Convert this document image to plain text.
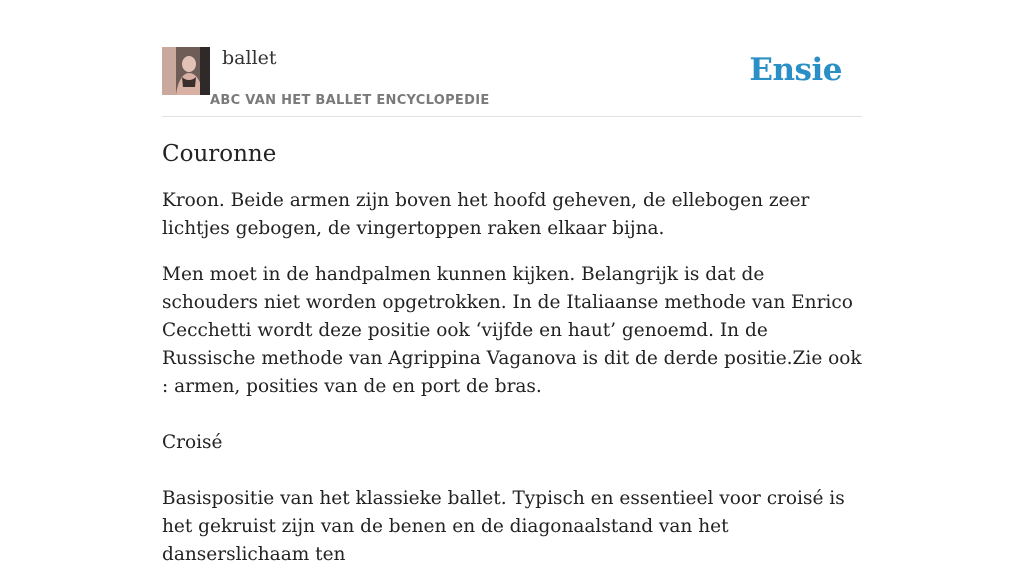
ballet
ABC VAN HET BALLET ENCYCLOPEDIE
Ensie
Couronne

Kroon. Beide armen zijn boven het hoofd geheven, de ellebogen zeer lichtjes gebogen, de vingertoppen raken elkaar bijna.

Men moet in de handpalmen kunnen kijken. Belangrijk is dat de schouders niet worden opgetrokken. In de Italiaanse methode van Enrico Cecchetti wordt deze positie ook ‘vijfde en haut’ genoemd. In de Russische methode van Agrippina Vaganova is dit de derde positie.Zie ook : armen, posities van de en port de bras.

Croisé

Basispositie van het klassieke ballet. Typisch en essentieel voor croisé is het gekruist zijn van de benen en de diagonaalstand van het danserslichaam ten
